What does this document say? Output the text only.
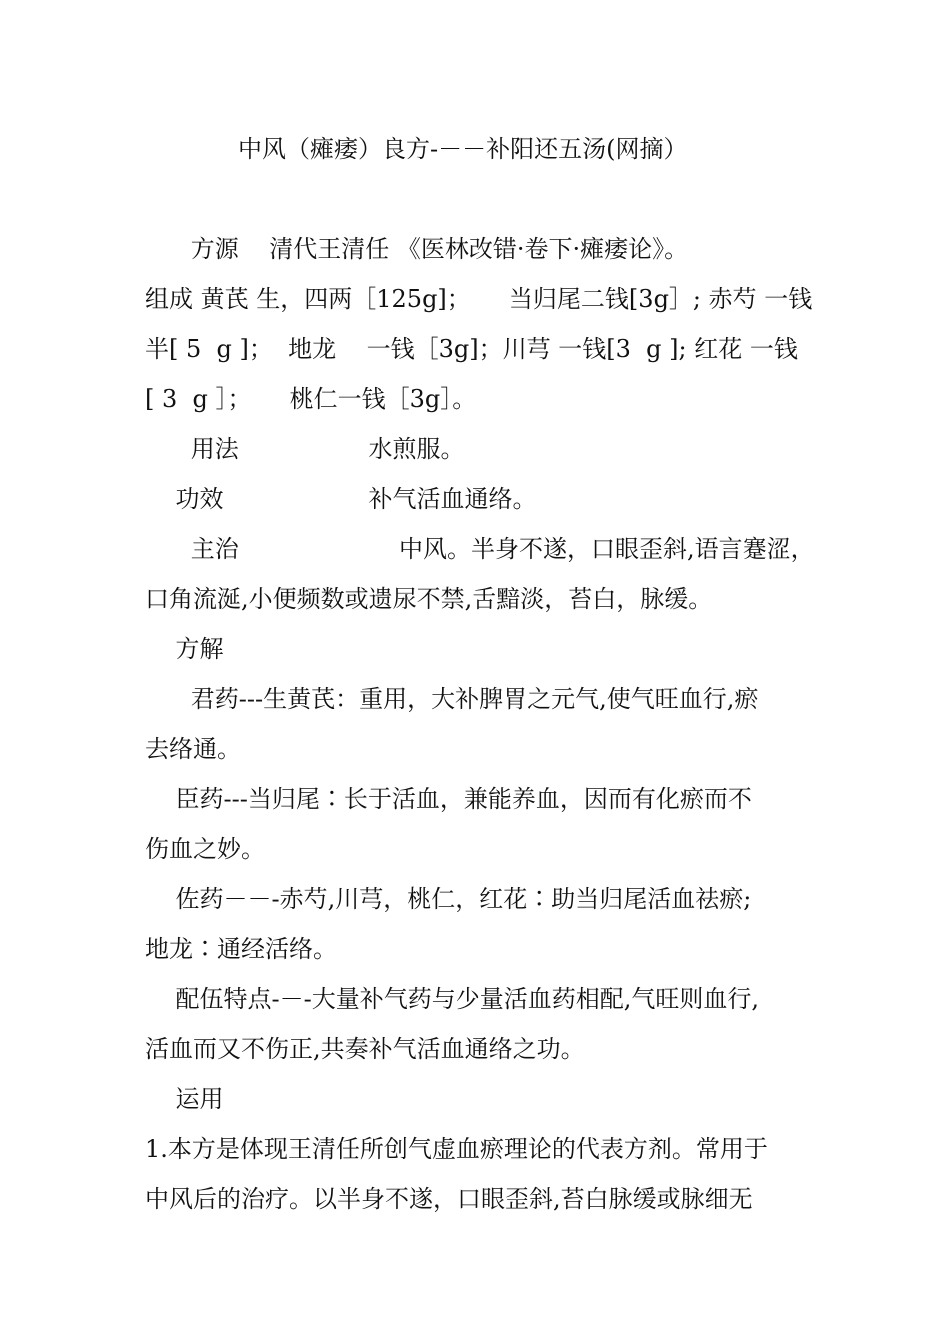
中风（瘫痿）良方-－－补阳还五汤(网摘）
方源    清代王清任 《医林改错·卷下·瘫痿论》。
组成 黄芪 生，四两［125g]；     当归尾二钱[3g］; 赤芍 一钱
半[ 5  g ]；  地龙    一钱［3g]；川芎 一钱[3  g ]; 红花 一钱
[ 3  g ］；     桃仁一钱［3g］。
用法                 水煎服。
功效                   补气活血通络。
主治                     中风。半身不遂，口眼歪斜,语言蹇涩，
口角流涎,小便频数或遗尿不禁,舌黯淡，苔白，脉缓。
方解
君药---生黄芪：重用，大补脾胃之元气,使气旺血行,瘀
去络通。
臣药---当归尾∶长于活血，兼能养血，因而有化瘀而不
伤血之妙。
佐药－－-赤芍,川芎，桃仁，红花∶助当归尾活血祛瘀;
地龙∶通经活络。
配伍特点-－-大量补气药与少量活血药相配,气旺则血行,
活血而又不伤正,共奏补气活血通络之功。
运用
1.本方是体现王清任所创气虚血瘀理论的代表方剂。常用于
中风后的治疗。以半身不遂，口眼歪斜,苔白脉缓或脉细无
